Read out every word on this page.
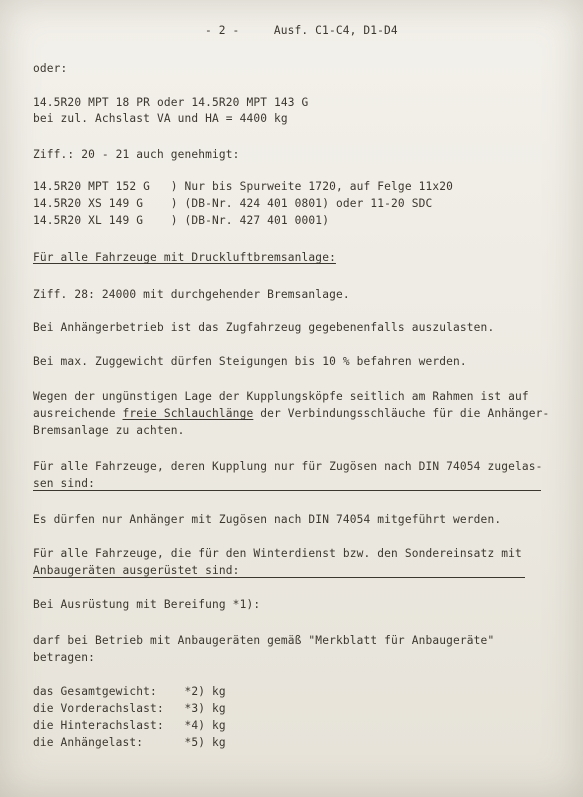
- 2 -     Ausf. C1-C4, D1-D4
oder:
14.5R20 MPT 18 PR oder 14.5R20 MPT 143 G
bei zul. Achslast VA und HA = 4400 kg
Ziff.: 20 - 21 auch genehmigt:
14.5R20 MPT 152 G   ) Nur bis Spurweite 1720, auf Felge 11x20
14.5R20 XS 149 G    ) (DB-Nr. 424 401 0801) oder 11-20 SDC
14.5R20 XL 149 G    ) (DB-Nr. 427 401 0001)
Für alle Fahrzeuge mit Druckluftbremsanlage:
Ziff. 28: 24000 mit durchgehender Bremsanlage.
Bei Anhängerbetrieb ist das Zugfahrzeug gegebenenfalls auszulasten.
Bei max. Zuggewicht dürfen Steigungen bis 10 % befahren werden.
Wegen der ungünstigen Lage der Kupplungsköpfe seitlich am Rahmen ist auf
ausreichende freie Schlauchlänge der Verbindungsschläuche für die Anhänger-
Bremsanlage zu achten.
Für alle Fahrzeuge, deren Kupplung nur für Zugösen nach DIN 74054 zugelas-
sen sind:
Es dürfen nur Anhänger mit Zugösen nach DIN 74054 mitgeführt werden.
Für alle Fahrzeuge, die für den Winterdienst bzw. den Sondereinsatz mit
Anbaugeräten ausgerüstet sind:
Bei Ausrüstung mit Bereifung *1):
darf bei Betrieb mit Anbaugeräten gemäß "Merkblatt für Anbaugeräte"
betragen:
das Gesamtgewicht:    *2) kg
die Vorderachslast:   *3) kg
die Hinterachslast:   *4) kg
die Anhängelast:      *5) kg
